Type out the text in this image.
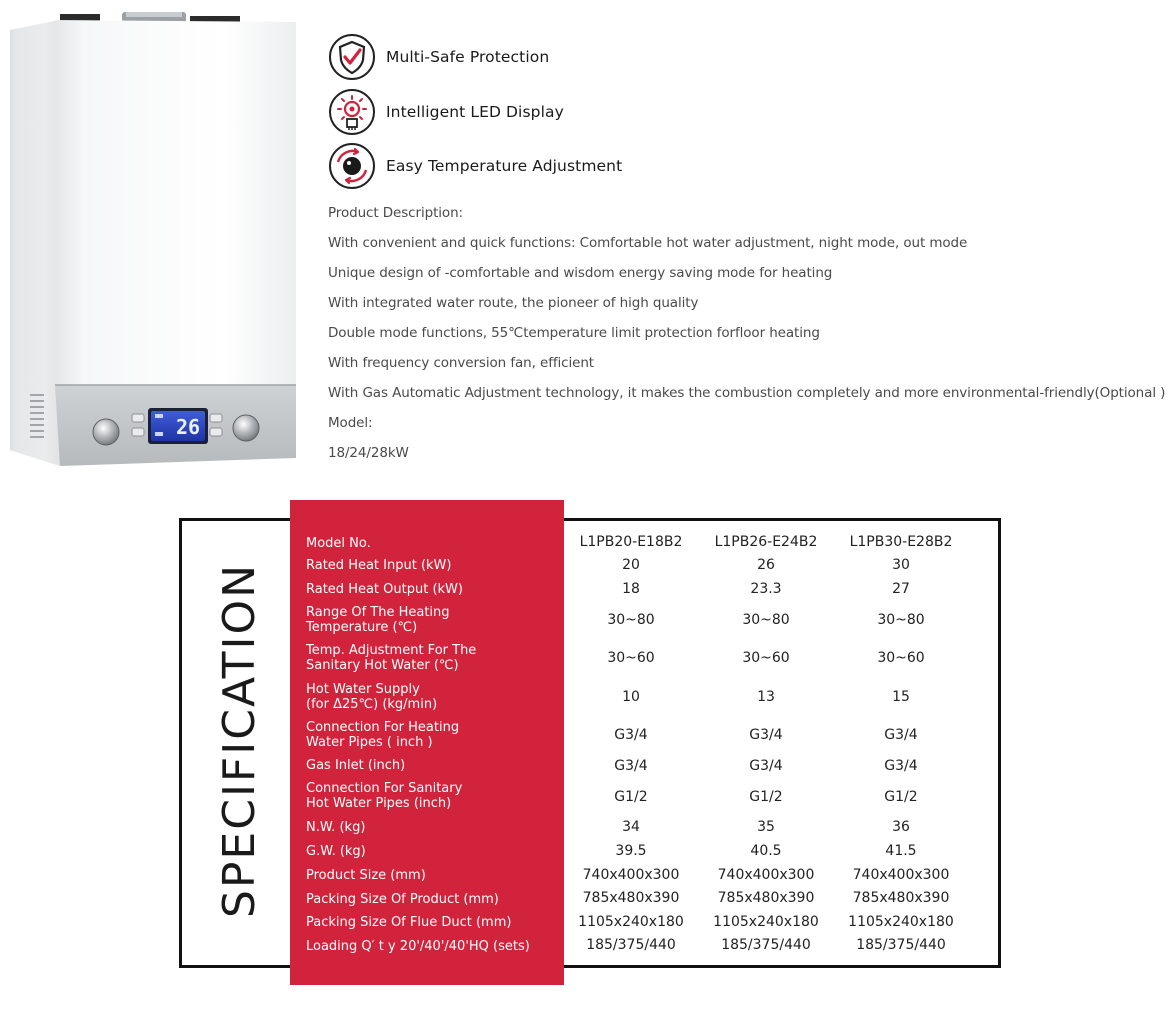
26
Multi-Safe Protection
Intelligent LED Display
Easy Temperature Adjustment
Product Description:
With convenient and quick functions: Comfortable hot water adjustment, night mode, out mode
Unique design of -comfortable and wisdom energy saving mode for heating
With integrated water route, the pioneer of high quality
Double mode functions, 55℃temperature limit protection forfloor heating
With frequency conversion fan, efficient
With Gas Automatic Adjustment technology, it makes the combustion completely and more environmental-friendly(Optional )
Model:
18/24/28kW
SPECIFICATION
Model No.	L1PB20-E18B2	L1PB26-E24B2	L1PB30-E28B2
Rated Heat Input (kW)	20	26	30
Rated Heat Output (kW)	18	23.3	27
Range Of The Heating
Temperature (℃)	30~80	30~80	30~80
Temp. Adjustment For The
Sanitary Hot Water (℃)	30~60	30~60	30~60
Hot Water Supply
(for Δ25℃) (kg/min)	10	13	15
Connection For Heating
Water Pipes ( inch )	G3/4	G3/4	G3/4
Gas Inlet (inch)	G3/4	G3/4	G3/4
Connection For Sanitary
Hot Water Pipes (inch)	G1/2	G1/2	G1/2
N.W. (kg)	34	35	36
G.W. (kg)	39.5	40.5	41.5
Product Size (mm)	740x400x300	740x400x300	740x400x300
Packing Size Of Product (mm)	785x480x390	785x480x390	785x480x390
Packing Size Of Flue Duct (mm)	1105x240x180	1105x240x180	1105x240x180
Loading Q′ t y 20'/40'/40'HQ (sets)	185/375/440	185/375/440	185/375/440
